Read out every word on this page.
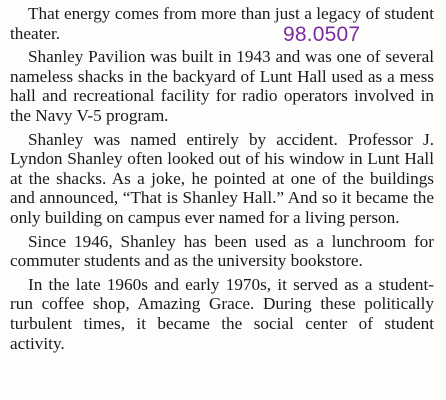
That energy comes from more than just a legacy of student theater.

Shanley Pavilion was built in 1943 and was one of several nameless shacks in the backyard of Lunt Hall used as a mess hall and recreational facility for radio operators involved in the Navy V-5 program.

Shanley was named entirely by accident. Professor J. Lyndon Shanley often looked out of his window in Lunt Hall at the shacks. As a joke, he pointed at one of the buildings and announced, “That is Shanley Hall.” And so it became the only building on campus ever named for a living person.

Since 1946, Shanley has been used as a lunchroom for commuter students and as the university bookstore.

In the late 1960s and early 1970s, it served as a student-run coffee shop, Amazing Grace. During these politically turbulent times, it became the social center of student activity.

98.0507
